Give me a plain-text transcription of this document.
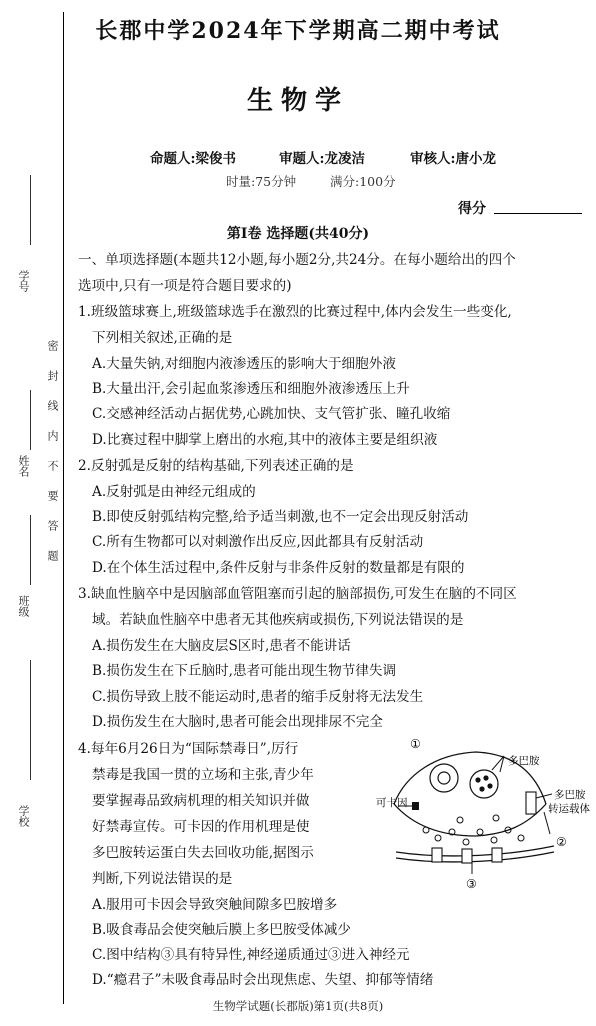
长郡中学2024年下学期高二期中考试
生物学
命题人:梁俊书	审题人:龙凌洁	审核人:唐小龙
时量:75分钟	满分:100分
得分
学号
姓名
班级
学校
密封线内不要答题
第Ⅰ卷 选择题(共40分)
一、单项选择题(本题共12小题,每小题2分,共24分。在每小题给出的四个
选项中,只有一项是符合题目要求的)
1.班级篮球赛上,班级篮球选手在激烈的比赛过程中,体内会发生一些变化,
下列相关叙述,正确的是
A.大量失钠,对细胞内液渗透压的影响大于细胞外液
B.大量出汗,会引起血浆渗透压和细胞外液渗透压上升
C.交感神经活动占据优势,心跳加快、支气管扩张、瞳孔收缩
D.比赛过程中脚掌上磨出的水疱,其中的液体主要是组织液
2.反射弧是反射的结构基础,下列表述正确的是
A.反射弧是由神经元组成的
B.即使反射弧结构完整,给予适当刺激,也不一定会出现反射活动
C.所有生物都可以对刺激作出反应,因此都具有反射活动
D.在个体生活过程中,条件反射与非条件反射的数量都是有限的
3.缺血性脑卒中是因脑部血管阻塞而引起的脑部损伤,可发生在脑的不同区
域。若缺血性脑卒中患者无其他疾病或损伤,下列说法错误的是
A.损伤发生在大脑皮层S区时,患者不能讲话
B.损伤发生在下丘脑时,患者可能出现生物节律失调
C.损伤导致上肢不能运动时,患者的缩手反射将无法发生
D.损伤发生在大脑时,患者可能会出现排尿不完全
4.每年6月26日为“国际禁毒日”,厉行
禁毒是我国一贯的立场和主张,青少年
要掌握毒品致病机理的相关知识并做
好禁毒宣传。可卡因的作用机理是使
多巴胺转运蛋白失去回收功能,据图示
判断,下列说法错误的是
A.服用可卡因会导致突触间隙多巴胺增多
B.吸食毒品会使突触后膜上多巴胺受体减少
C.图中结构③具有特异性,神经递质通过③进入神经元
D.“瘾君子”未吸食毒品时会出现焦虑、失望、抑郁等情绪
①
多巴胺
多巴胺
转运载体
可卡因
②
③
生物学试题(长郡版)第1页(共8页)
